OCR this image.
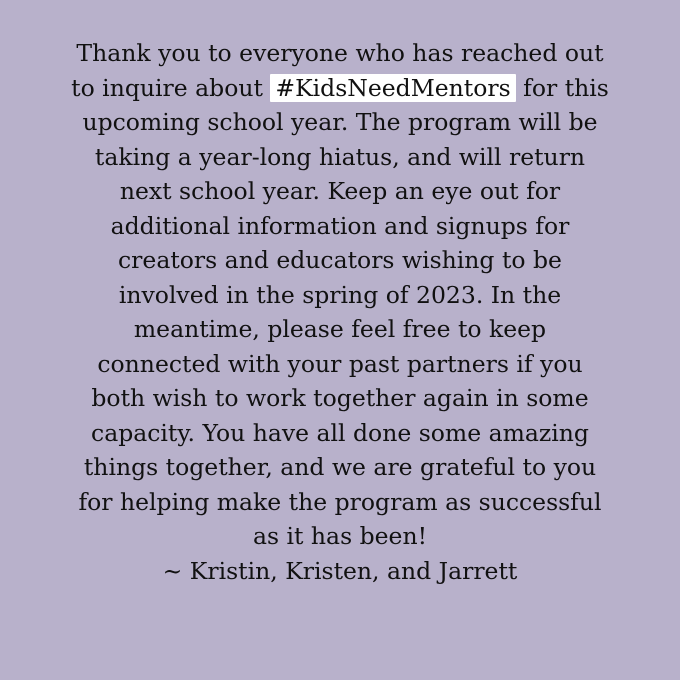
Thank you to everyone who has reached out
to inquire about #KidsNeedMentors for this
upcoming school year. The program will be
taking a year-long hiatus, and will return
next school year. Keep an eye out for
additional information and signups for
creators and educators wishing to be
involved in the spring of 2023. In the
meantime, please feel free to keep
connected with your past partners if you
both wish to work together again in some
capacity. You have all done some amazing
things together, and we are grateful to you
for helping make the program as successful
as it has been!
~ Kristin, Kristen, and Jarrett
